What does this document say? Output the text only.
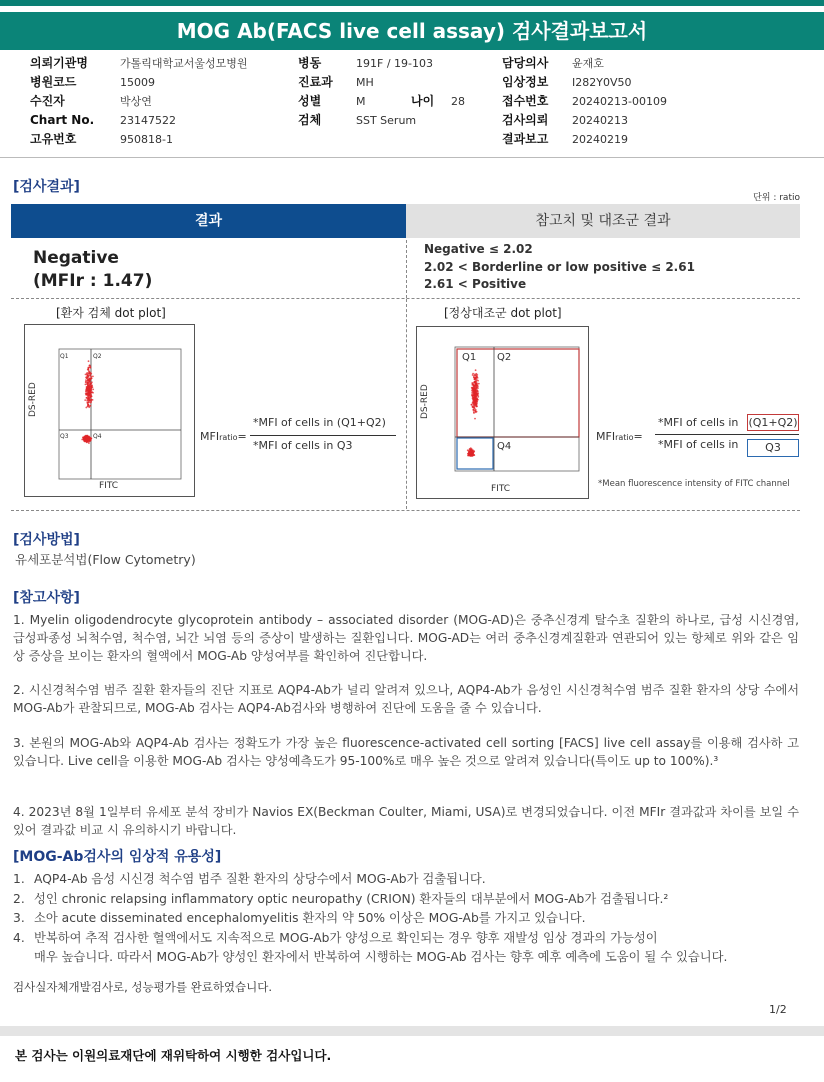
MOG Ab(FACS live cell assay) 검사결과보고서
의뢰기관명	가톨릭대학교서울성모병원
병원코드	15009
수진자	박상연
Chart No. 23147522
고유번호	950818-1
병동	191F / 19-103
진료과 MH
성별	M	나이 28
검체	SST Serum
담당의사 윤재호
임상정보 I282Y0V50
접수번호 20240213-00109
검사의뢰 20240213
결과보고 20240219
[검사결과]
단위 : ratio
결과	참고치 및 대조군 결과
Negative
(MFIr : 1.47)
Negative ≤ 2.02
2.02 < Borderline or low positive ≤ 2.61
2.61 < Positive
[환자 검체 dot plot]
DS-RED
Q1	Q2
Q3	Q4
FITC
MFIratio=
*MFI of cells in (Q1+Q2)
*MFI of cells in Q3
[정상대조군 dot plot]
DS-RED
Q1 Q2
Q4
FITC
MFIratio=
*MFI of cells in (Q1+Q2)
*MFI of cells in	Q3
*Mean fluorescence intensity of FITC channel
[검사방법]
유세포분석법(Flow Cytometry)
[참고사항]
1. Myelin oligodendrocyte glycoprotein antibody – associated disorder (MOG-AD)은 중추신경계 탈수초 질환의 하나로, 급성 시신경염, 급성파종성 뇌척수염, 척수염, 뇌간 뇌염 등의 증상이 발생하는 질환입니다. MOG-AD는 여러 중추신경계질환과 연관되어 있는 항체로 위와 같은 임상 증상을 보이는 환자의 혈액에서 MOG-Ab 양성여부를 확인하여 진단합니다.
2. 시신경척수염 범주 질환 환자들의 진단 지표로 AQP4-Ab가 널리 알려져 있으나, AQP4-Ab가 음성인 시신경척수염 범주 질환 환자의 상당 수에서 MOG-Ab가 관찰되므로, MOG-Ab 검사는 AQP4-Ab검사와 병행하여 진단에 도움을 줄 수 있습니다.
3. 본원의 MOG-Ab와 AQP4-Ab 검사는 정확도가 가장 높은 fluorescence-activated cell sorting [FACS] live cell assay를 이용해 검사하 고 있습니다. Live cell을 이용한 MOG-Ab 검사는 양성예측도가 95-100%로 매우 높은 것으로 알려져 있습니다(특이도 up to 100%).³
4. 2023년 8월 1일부터 유세포 분석 장비가 Navios EX(Beckman Coulter, Miami, USA)로 변경되었습니다. 이전 MFIr 결과값과 차이를 보일 수 있어 결과값 비교 시 유의하시기 바랍니다.
[MOG-Ab검사의 임상적 유용성]
1. AQP4-Ab 음성 시신경 척수염 범주 질환 환자의 상당수에서 MOG-Ab가 검출됩니다.
2. 성인 chronic relapsing inflammatory optic neuropathy (CRION) 환자들의 대부분에서 MOG-Ab가 검출됩니다.²
3. 소아 acute disseminated encephalomyelitis 환자의 약 50% 이상은 MOG-Ab를 가지고 있습니다.
4. 반복하여 추적 검사한 혈액에서도 지속적으로 MOG-Ab가 양성으로 확인되는 경우 향후 재발성 임상 경과의 가능성이
매우 높습니다. 따라서 MOG-Ab가 양성인 환자에서 반복하여 시행하는 MOG-Ab 검사는 향후 예후 예측에 도움이 될 수 있습니다.
검사실자체개발검사로, 성능평가를 완료하였습니다.
1/2
본 검사는 이원의료재단에 재위탁하여 시행한 검사입니다.
